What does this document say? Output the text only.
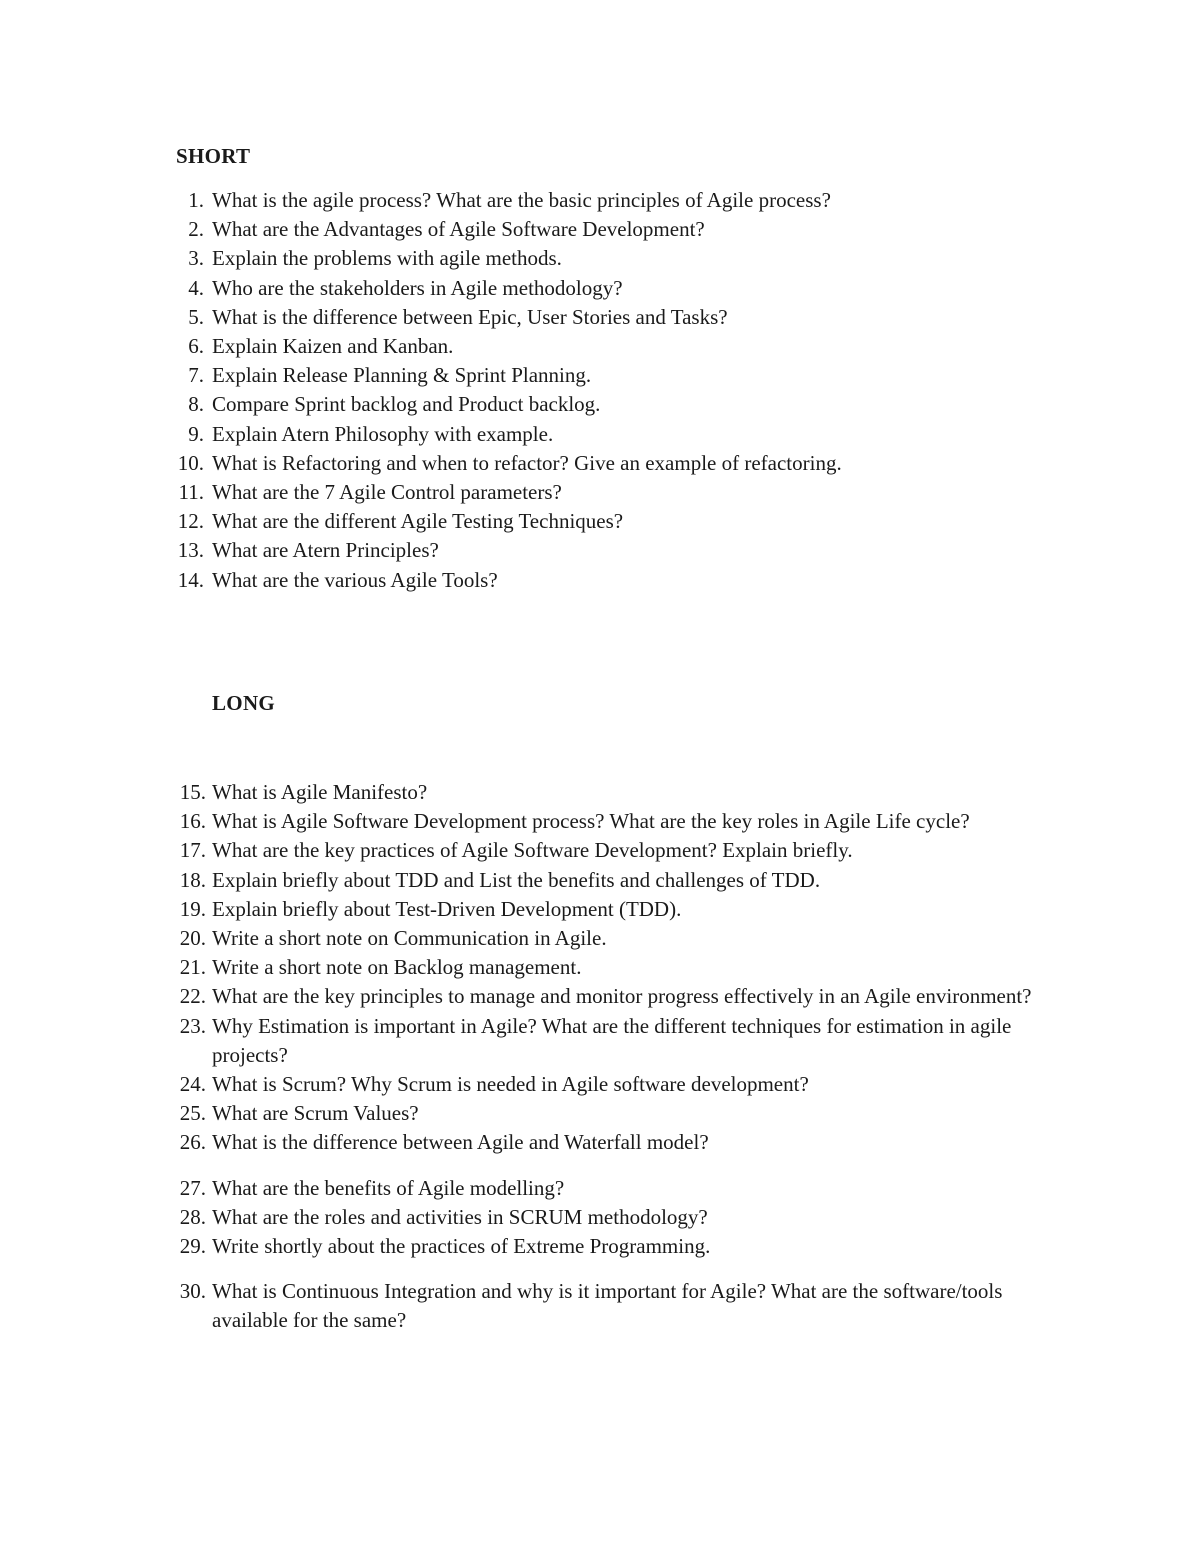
SHORT
1. What is the agile process? What are the basic principles of Agile process?
2. What are the Advantages of Agile Software Development?
3. Explain the problems with agile methods.
4. Who are the stakeholders in Agile methodology?
5. What is the difference between Epic, User Stories and Tasks?
6. Explain Kaizen and Kanban.
7. Explain Release Planning & Sprint Planning.
8. Compare Sprint backlog and Product backlog.
9. Explain Atern Philosophy with example.
10. What is Refactoring and when to refactor? Give an example of refactoring.
11. What are the 7 Agile Control parameters?
12. What are the different Agile Testing Techniques?
13. What are Atern Principles?
14. What are the various Agile Tools?
LONG
15. What is Agile Manifesto?
16. What is Agile Software Development process? What are the key roles in Agile Life cycle?
17. What are the key practices of Agile Software Development? Explain briefly.
18. Explain briefly about TDD and List the benefits and challenges of TDD.
19. Explain briefly about Test-Driven Development (TDD).
20. Write a short note on Communication in Agile.
21. Write a short note on Backlog management.
22. What are the key principles to manage and monitor progress effectively in an Agile environment?
23. Why Estimation is important in Agile? What are the different techniques for estimation in agile projects?
24. What is Scrum? Why Scrum is needed in Agile software development?
25. What are Scrum Values?
26. What is the difference between Agile and Waterfall model?
27. What are the benefits of Agile modelling?
28. What are the roles and activities in SCRUM methodology?
29. Write shortly about the practices of Extreme Programming.
30. What is Continuous Integration and why is it important for Agile? What are the software/tools available for the same?
